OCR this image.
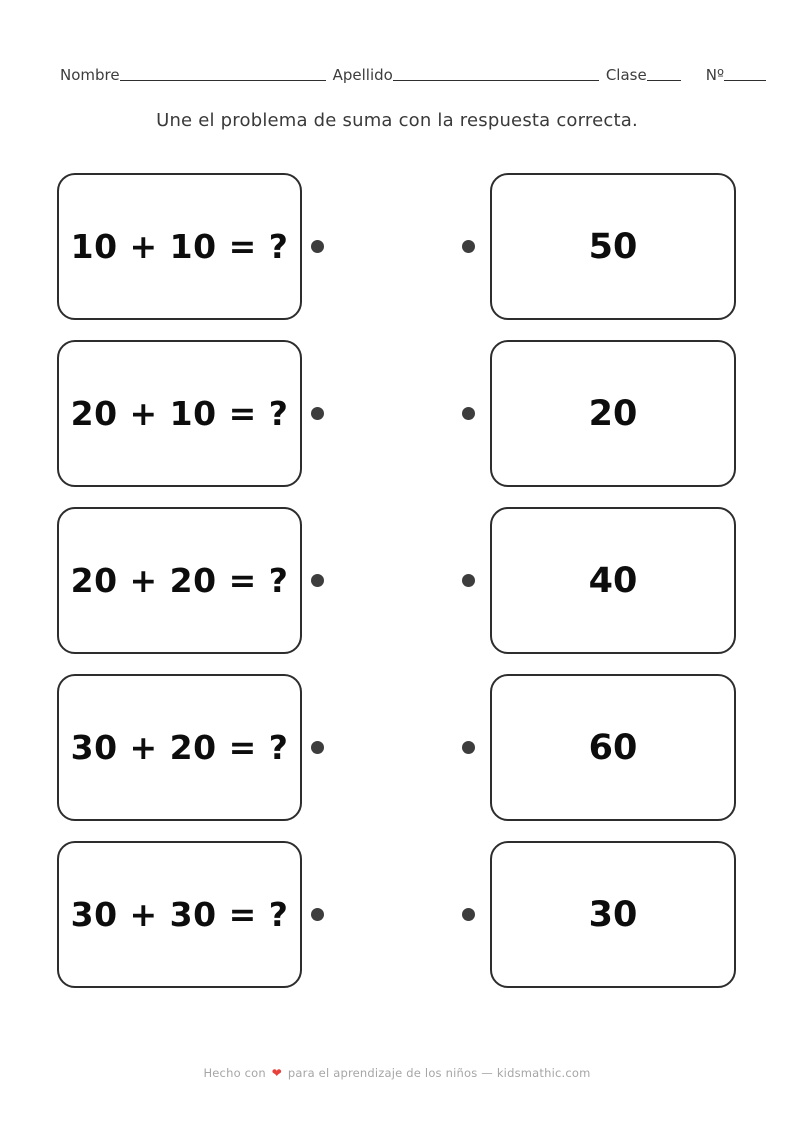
Nombre	Apellido	Clase	Nº
Une el problema de suma con la respuesta correcta.
10 + 10 = ?	50
20 + 10 = ?	20
20 + 20 = ?	40
30 + 20 = ?	60
30 + 30 = ?	30
Hecho con ❤ para el aprendizaje de los niños — kidsmathic.com
